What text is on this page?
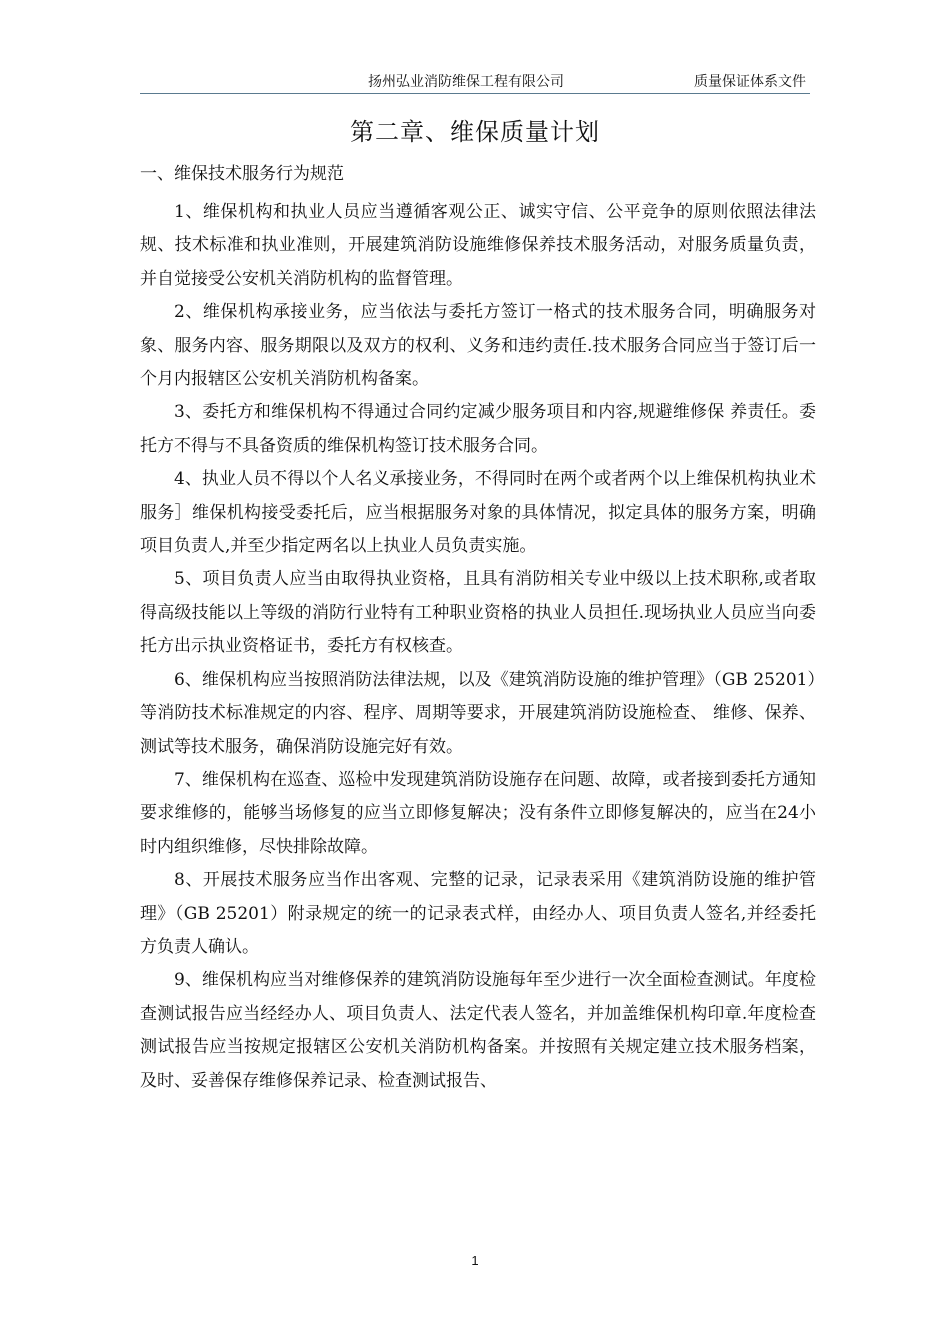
扬州弘业消防维保工程有限公司	质量保证体系文件
第二章、维保质量计划
一、维保技术服务行为规范

1、维保机构和执业人员应当遵循客观公正、诚实守信、公平竞争的原则依照法律法规、技术标准和执业准则，开展建筑消防设施维修保养技术服务活动，对服务质量负责，并自觉接受公安机关消防机构的监督管理。

2、维保机构承接业务，应当依法与委托方签订一格式的技术服务合同，明确服务对象、服务内容、服务期限以及双方的权利、义务和违约责任.技术服务合同应当于签订后一个月内报辖区公安机关消防机构备案。

3、委托方和维保机构不得通过合同约定减少服务项目和内容,规避维修保 养责任。委托方不得与不具备资质的维保机构签订技术服务合同。

4、执业人员不得以个人名义承接业务，不得同时在两个或者两个以上维保机构执业术服务］维保机构接受委托后，应当根据服务对象的具体情况，拟定具体的服务方案，明确项目负责人,并至少指定两名以上执业人员负责实施。

5、项目负责人应当由取得执业资格，且具有消防相关专业中级以上技术职称,或者取得高级技能以上等级的消防行业特有工种职业资格的执业人员担任.现场执业人员应当向委托方出示执业资格证书，委托方有权核查。

6、维保机构应当按照消防法律法规，以及《建筑消防设施的维护管理》（GB 25201）等消防技术标准规定的内容、程序、周期等要求，开展建筑消防设施检查、 维修、保养、测试等技术服务，确保消防设施完好有效。

7、维保机构在巡查、巡检中发现建筑消防设施存在问题、故障，或者接到委托方通知要求维修的，能够当场修复的应当立即修复解决；没有条件立即修复解决的，应当在24小时内组织维修，尽快排除故障。

8、开展技术服务应当作出客观、完整的记录，记录表采用《建筑消防设施的维护管理》（GB 25201）附录规定的统一的记录表式样，由经办人、项目负责人签名,并经委托方负责人确认。

9、维保机构应当对维修保养的建筑消防设施每年至少进行一次全面检查测试。年度检查测试报告应当经经办人、项目负责人、法定代表人签名，并加盖维保机构印章.年度检查测试报告应当按规定报辖区公安机关消防机构备案。并按照有关规定建立技术服务档案，及时、妥善保存维修保养记录、检查测试报告、

1
